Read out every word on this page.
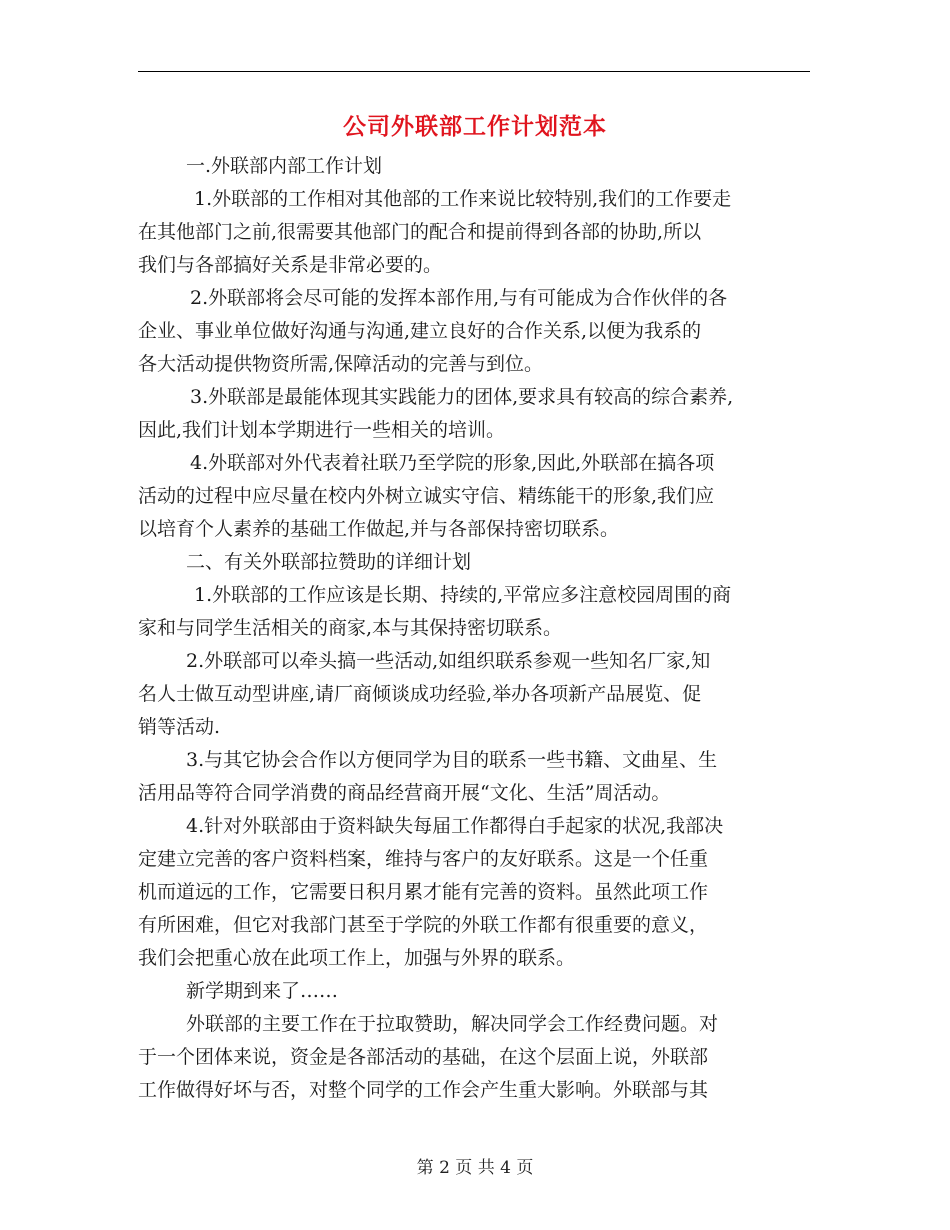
公司外联部工作计划范本
一.外联部内部工作计划
1.外联部的工作相对其他部的工作来说比较特别,我们的工作要走
在其他部门之前,很需要其他部门的配合和提前得到各部的协助,所以
我们与各部搞好关系是非常必要的。
2.外联部将会尽可能的发挥本部作用,与有可能成为合作伙伴的各
企业、事业单位做好沟通与沟通,建立良好的合作关系,以便为我系的
各大活动提供物资所需,保障活动的完善与到位。
3.外联部是最能体现其实践能力的团体,要求具有较高的综合素养,
因此,我们计划本学期进行一些相关的培训。
4.外联部对外代表着社联乃至学院的形象,因此,外联部在搞各项
活动的过程中应尽量在校内外树立诚实守信、精练能干的形象,我们应
以培育个人素养的基础工作做起,并与各部保持密切联系。
二、有关外联部拉赞助的详细计划
1.外联部的工作应该是长期、持续的,平常应多注意校园周围的商
家和与同学生活相关的商家,本与其保持密切联系。
2.外联部可以牵头搞一些活动,如组织联系参观一些知名厂家,知
名人士做互动型讲座,请厂商倾谈成功经验,举办各项新产品展览、促
销等活动.
3.与其它协会合作以方便同学为目的联系一些书籍、文曲星、生
活用品等符合同学消费的商品经营商开展“文化、生活”周活动。
4.针对外联部由于资料缺失每届工作都得白手起家的状况,我部决
定建立完善的客户资料档案，维持与客户的友好联系。这是一个任重
机而道远的工作，它需要日积月累才能有完善的资料。虽然此项工作
有所困难，但它对我部门甚至于学院的外联工作都有很重要的意义，
我们会把重心放在此项工作上，加强与外界的联系。
新学期到来了……
外联部的主要工作在于拉取赞助，解决同学会工作经费问题。对
于一个团体来说，资金是各部活动的基础，在这个层面上说，外联部
工作做得好坏与否，对整个同学的工作会产生重大影响。外联部与其
第 2 页 共 4 页
